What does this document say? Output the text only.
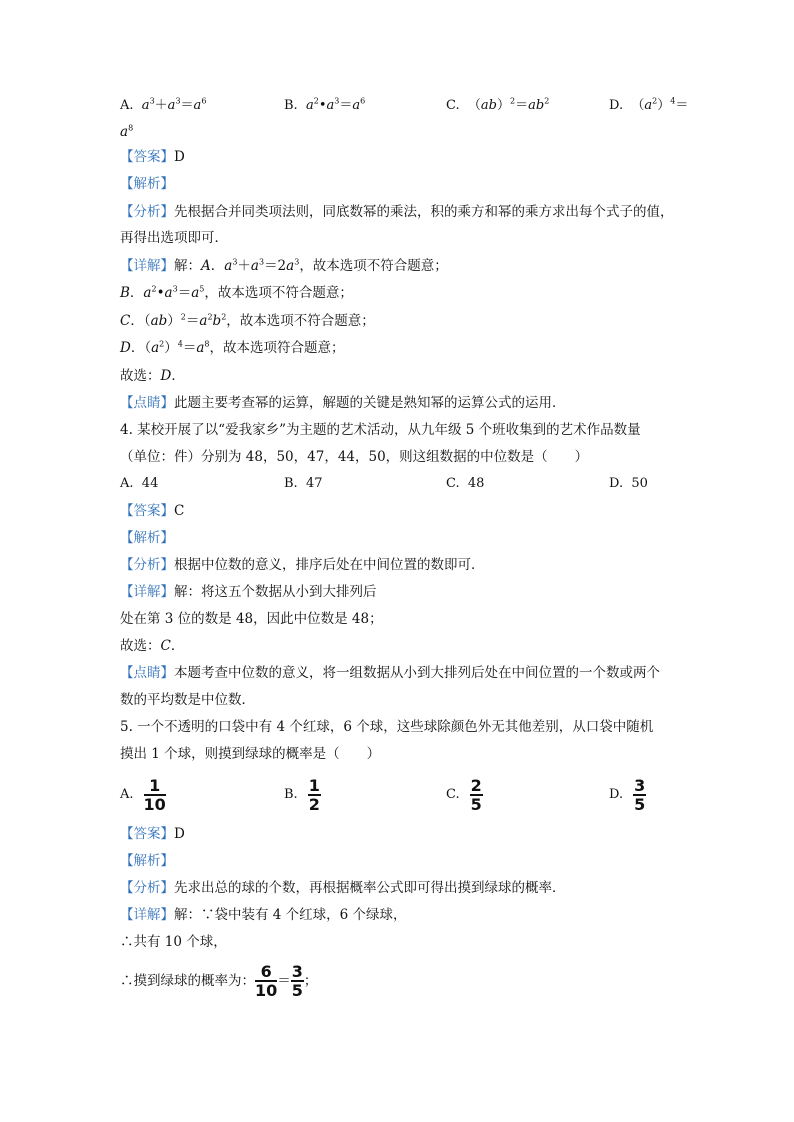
A. $a^3+a^3=a^6$	B. $a^2•a^3=a^6$	C. $(ab)^2=ab^2$	D. $(a^2)^4=$
$a^8$
【答案】D
【解析】
【分析】先根据合并同类项法则，同底数幂的乘法，积的乘方和幂的乘方求出每个式子的值，
再得出选项即可．
【详解】解：A．$a^3+a^3=2a^3$，故本选项不符合题意；
B．$a^2•a^3=a^5$，故本选项不符合题意；
C．$(ab)^2=a^2b^2$，故本选项不符合题意；
D．$(a^2)^4=a^8$，故本选项符合题意；
故选：D．
【点睛】此题主要考查幂的运算，解题的关键是熟知幂的运算公式的运用．
4. 某校开展了以“爱我家乡”为主题的艺术活动，从九年级 5 个班收集到的艺术作品数量
（单位：件）分别为 48，50，47，44，50，则这组数据的中位数是（　　）
A. 44	B. 47	C. 48	D. 50
【答案】C
【解析】
【分析】根据中位数的意义，排序后处在中间位置的数即可．
【详解】解：将这五个数据从小到大排列后
处在第 3 位的数是 48，因此中位数是 48；
故选：C．
【点睛】本题考查中位数的意义，将一组数据从小到大排列后处在中间位置的一个数或两个
数的平均数是中位数．
5. 一个不透明的口袋中有 4 个红球，6 个球，这些球除颜色外无其他差别，从口袋中随机
摸出 1 个球，则摸到绿球的概率是（　　）
A. $\frac{1}{10}$	B. $\frac{1}{2}$	C. $\frac{2}{5}$	D. $\frac{3}{5}$
【答案】D
【解析】
【分析】先求出总的球的个数，再根据概率公式即可得出摸到绿球的概率．
【详解】解：∵袋中装有 4 个红球，6 个绿球，
∴共有 10 个球，
∴摸到绿球的概率为： $\frac{6}{10} = \frac{3}{5}$ ；
